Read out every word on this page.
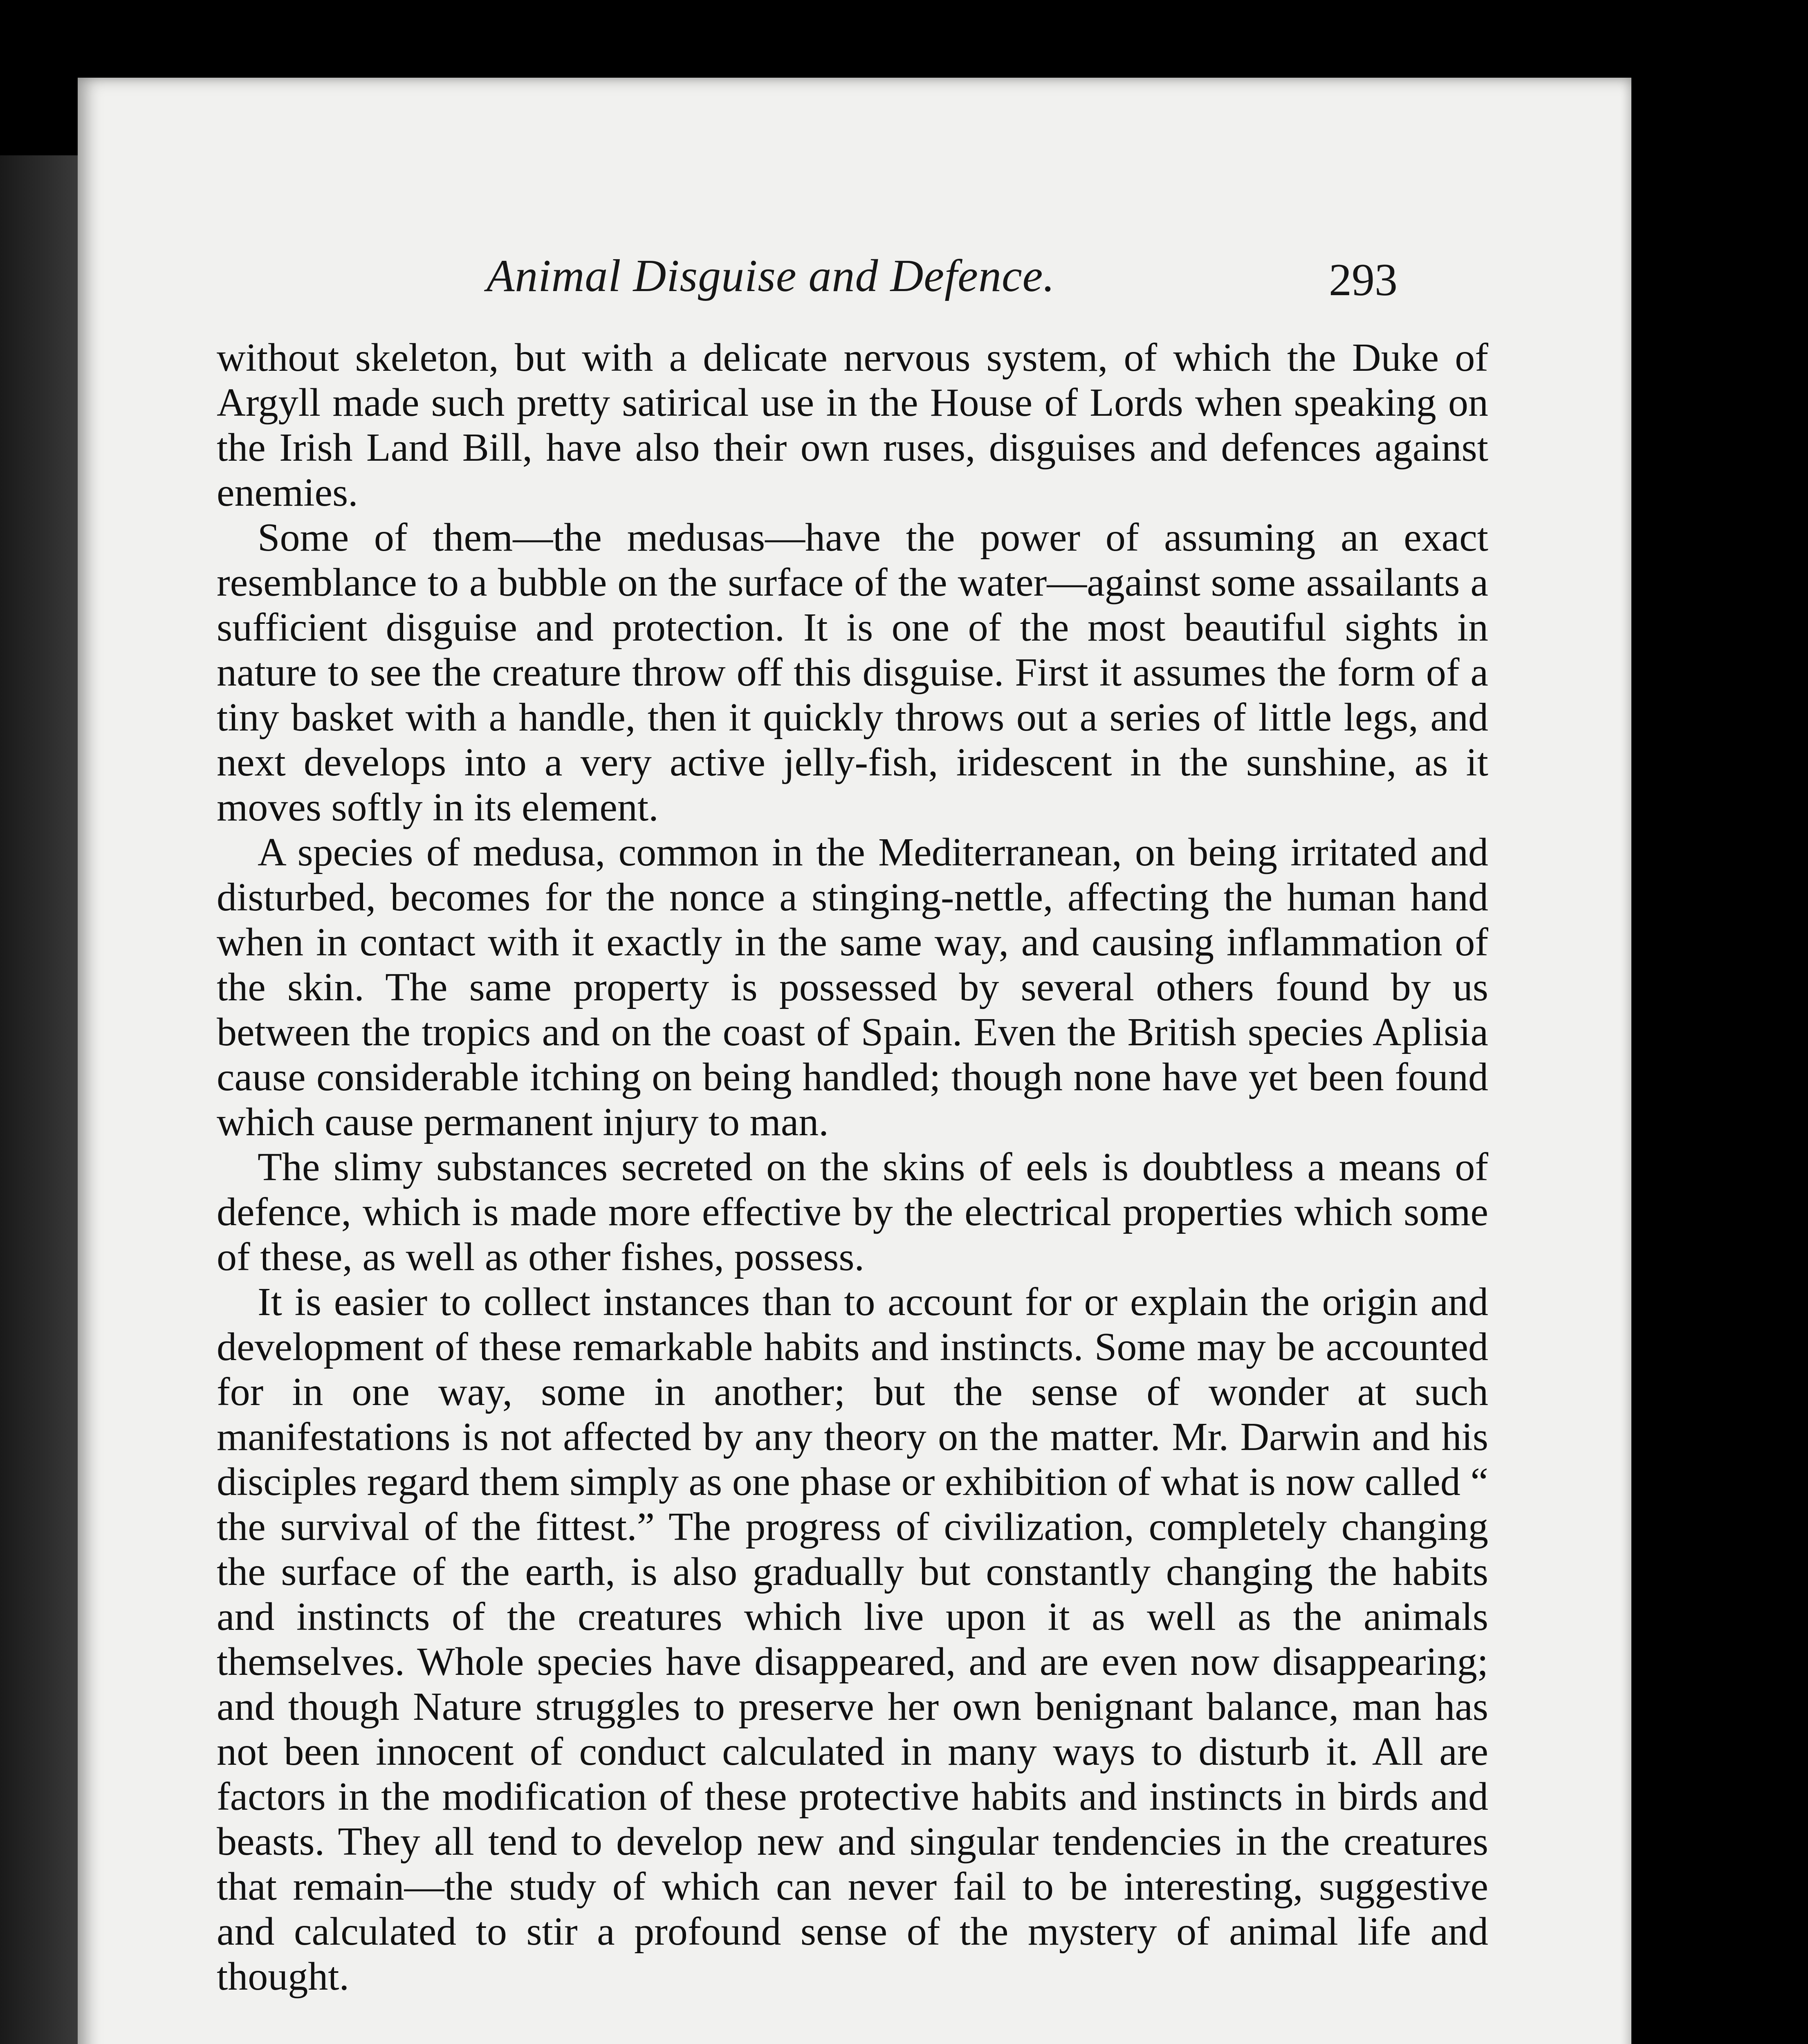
Animal Disguise and Defence.	293

without skeleton, but with a delicate nervous system, of which the Duke of Argyll made such pretty satirical use in the House of Lords when speaking on the Irish Land Bill, have also their own ruses, disguises and defences against enemies.

Some of them—the medusas—have the power of assuming an exact resemblance to a bubble on the surface of the water—against some assailants a sufficient disguise and protection. It is one of the most beautiful sights in nature to see the creature throw off this disguise. First it assumes the form of a tiny basket with a handle, then it quickly throws out a series of little legs, and next develops into a very active jelly-fish, iridescent in the sunshine, as it moves softly in its element.

A species of medusa, common in the Mediterranean, on being irritated and disturbed, becomes for the nonce a stinging-nettle, affecting the human hand when in contact with it exactly in the same way, and causing inflammation of the skin. The same property is possessed by several others found by us between the tropics and on the coast of Spain. Even the British species Aplisia cause considerable itching on being handled; though none have yet been found which cause permanent injury to man.

The slimy substances secreted on the skins of eels is doubtless a means of defence, which is made more effective by the electrical properties which some of these, as well as other fishes, possess.

It is easier to collect instances than to account for or explain the origin and development of these remarkable habits and instincts. Some may be accounted for in one way, some in another; but the sense of wonder at such manifestations is not affected by any theory on the matter. Mr. Darwin and his disciples regard them simply as one phase or exhibition of what is now called “ the survival of the fittest.” The progress of civilization, completely changing the surface of the earth, is also gradually but constantly changing the habits and instincts of the creatures which live upon it as well as the animals themselves. Whole species have disappeared, and are even now disappearing; and though Nature struggles to preserve her own benignant balance, man has not been innocent of conduct calculated in many ways to disturb it. All are factors in the modification of these protective habits and instincts in birds and beasts. They all tend to develop new and singular tendencies in the creatures that remain—the study of which can never fail to be interesting, suggestive and calculated to stir a profound sense of the mystery of animal life and thought.
